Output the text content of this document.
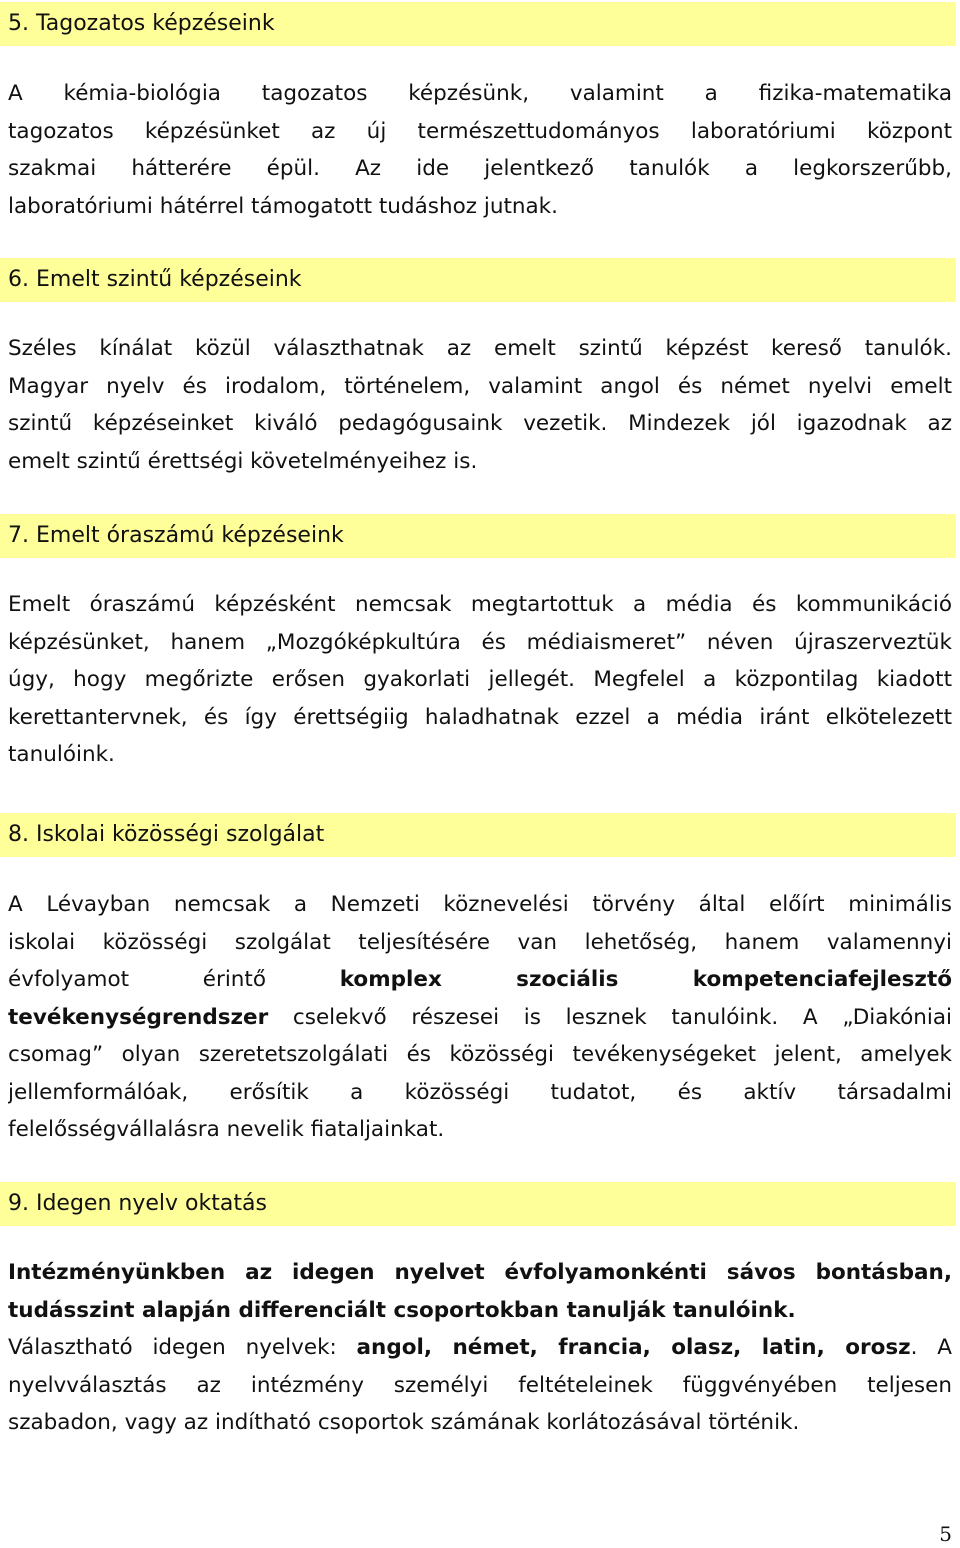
5. Tagozatos képzéseink
A kémia-biológia tagozatos képzésünk, valamint a fizika-matematika
tagozatos képzésünket az új természettudományos laboratóriumi központ
szakmai hátterére épül. Az ide jelentkező tanulók a legkorszerűbb,
laboratóriumi hátérrel támogatott tudáshoz jutnak.
6. Emelt szintű képzéseink
Széles kínálat közül választhatnak az emelt szintű képzést kereső tanulók.
Magyar nyelv és irodalom, történelem, valamint angol és német nyelvi emelt
szintű képzéseinket kiváló pedagógusaink vezetik. Mindezek jól igazodnak az
emelt szintű érettségi követelményeihez is.
7. Emelt óraszámú képzéseink
Emelt óraszámú képzésként nemcsak megtartottuk a média és kommunikáció
képzésünket, hanem „Mozgóképkultúra és médiaismeret” néven újraszerveztük
úgy, hogy megőrizte erősen gyakorlati jellegét. Megfelel a központilag kiadott
kerettantervnek, és így érettségiig haladhatnak ezzel a média iránt elkötelezett
tanulóink.
8. Iskolai közösségi szolgálat
A Lévayban nemcsak a Nemzeti köznevelési törvény által előírt minimális
iskolai közösségi szolgálat teljesítésére van lehetőség, hanem valamennyi
évfolyamot érintő komplex szociális kompetenciafejlesztő
tevékenységrendszer cselekvő részesei is lesznek tanulóink. A „Diakóniai
csomag” olyan szeretetszolgálati és közösségi tevékenységeket jelent, amelyek
jellemformálóak, erősítik a közösségi tudatot, és aktív társadalmi
felelősségvállalásra nevelik fiataljainkat.
9. Idegen nyelv oktatás
Intézményünkben az idegen nyelvet évfolyamonkénti sávos bontásban,
tudásszint alapján differenciált csoportokban tanulják tanulóink.
Választható idegen nyelvek: angol, német, francia, olasz, latin, orosz. A
nyelvválasztás az intézmény személyi feltételeinek függvényében teljesen
szabadon, vagy az indítható csoportok számának korlátozásával történik.
5
